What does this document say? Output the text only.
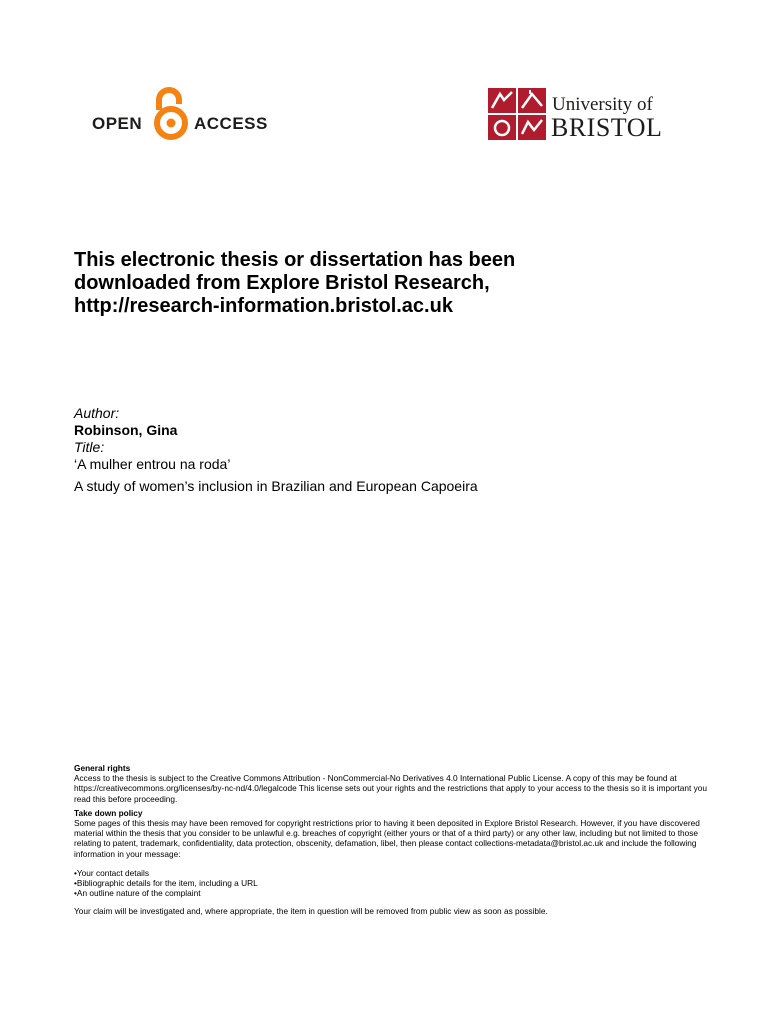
OPEN	ACCESS
University of
BRISTOL
This electronic thesis or dissertation has been
downloaded from Explore Bristol Research,
http://research-information.bristol.ac.uk
Author:
Robinson, Gina
Title:
‘A mulher entrou na roda’
A study of women’s inclusion in Brazilian and European Capoeira
General rights

Access to the thesis is subject to the Creative Commons Attribution - NonCommercial-No Derivatives 4.0 International Public License. A copy of this may be found at https://creativecommons.org/licenses/by-nc-nd/4.0/legalcode This license sets out your rights and the restrictions that apply to your access to the thesis so it is important you read this before proceeding.

Take down policy

Some pages of this thesis may have been removed for copyright restrictions prior to having it been deposited in Explore Bristol Research. However, if you have discovered material within the thesis that you consider to be unlawful e.g. breaches of copyright (either yours or that of a third party) or any other law, including but not limited to those relating to patent, trademark, confidentiality, data protection, obscenity, defamation, libel, then please contact collections-metadata@bristol.ac.uk and include the following information in your message:

•Your contact details
•Bibliographic details for the item, including a URL
•An outline nature of the complaint

Your claim will be investigated and, where appropriate, the item in question will be removed from public view as soon as possible.
